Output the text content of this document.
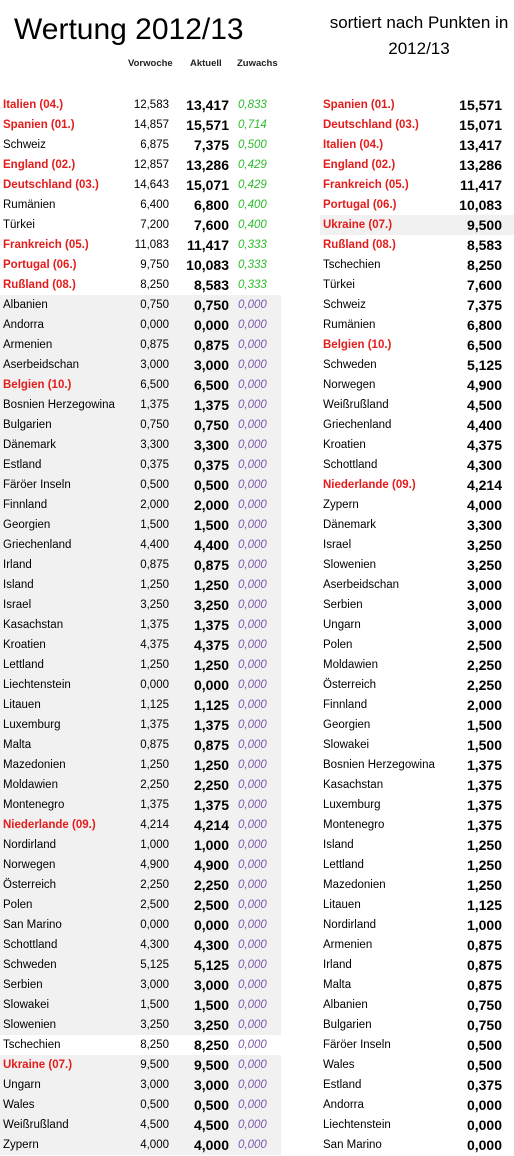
Wertung 2012/13	sortiert nach Punkten in
2012/13
Vorwoche Aktuell Zuwachs
Italien (04.)	12,583 13,417 0,833
Spanien (01.)	14,857 15,571 0,714
Schweiz	6,875 7,375 0,500
England (02.)	12,857 13,286 0,429
Deutschland (03.)	14,643 15,071 0,429
Rumänien	6,400 6,800 0,400
Türkei	7,200 7,600 0,400
Frankreich (05.)	11,083 11,417 0,333
Portugal (06.)	9,750 10,083 0,333
Rußland (08.)	8,250 8,583 0,333
Albanien	0,750 0,750 0,000
Andorra	0,000 0,000 0,000
Armenien	0,875 0,875 0,000
Aserbeidschan	3,000 3,000 0,000
Belgien (10.)	6,500 6,500 0,000
Bosnien Herzegowina 1,375 1,375 0,000
Bulgarien	0,750 0,750 0,000
Dänemark	3,300 3,300 0,000
Estland	0,375 0,375 0,000
Färöer Inseln	0,500 0,500 0,000
Finnland	2,000 2,000 0,000
Georgien	1,500 1,500 0,000
Griechenland	4,400 4,400 0,000
Irland	0,875 0,875 0,000
Island	1,250 1,250 0,000
Israel	3,250 3,250 0,000
Kasachstan	1,375 1,375 0,000
Kroatien	4,375 4,375 0,000
Lettland	1,250 1,250 0,000
Liechtenstein	0,000 0,000 0,000
Litauen	1,125 1,125 0,000
Luxemburg	1,375 1,375 0,000
Malta	0,875 0,875 0,000
Mazedonien	1,250 1,250 0,000
Moldawien	2,250 2,250 0,000
Montenegro	1,375 1,375 0,000
Niederlande (09.)	4,214 4,214 0,000
Nordirland	1,000 1,000 0,000
Norwegen	4,900 4,900 0,000
Österreich	2,250 2,250 0,000
Polen	2,500 2,500 0,000
San Marino	0,000 0,000 0,000
Schottland	4,300 4,300 0,000
Schweden	5,125 5,125 0,000
Serbien	3,000 3,000 0,000
Slowakei	1,500 1,500 0,000
Slowenien	3,250 3,250 0,000
Tschechien	8,250 8,250 0,000
Ukraine (07.)	9,500 9,500 0,000
Ungarn	3,000 3,000 0,000
Wales	0,500 0,500 0,000
Weißrußland	4,500 4,500 0,000
Zypern	4,000 4,000 0,000
Spanien (01.)	15,571
Deutschland (03.)	15,071
Italien (04.)	13,417
England (02.)	13,286
Frankreich (05.)	11,417
Portugal (06.)	10,083
Ukraine (07.)	9,500
Rußland (08.)	8,583
Tschechien	8,250
Türkei	7,600
Schweiz	7,375
Rumänien	6,800
Belgien (10.)	6,500
Schweden	5,125
Norwegen	4,900
Weißrußland	4,500
Griechenland	4,400
Kroatien	4,375
Schottland	4,300
Niederlande (09.)	4,214
Zypern	4,000
Dänemark	3,300
Israel	3,250
Slowenien	3,250
Aserbeidschan	3,000
Serbien	3,000
Ungarn	3,000
Polen	2,500
Moldawien	2,250
Österreich	2,250
Finnland	2,000
Georgien	1,500
Slowakei	1,500
Bosnien Herzegowina 1,375
Kasachstan	1,375
Luxemburg	1,375
Montenegro	1,375
Island	1,250
Lettland	1,250
Mazedonien	1,250
Litauen	1,125
Nordirland	1,000
Armenien	0,875
Irland	0,875
Malta	0,875
Albanien	0,750
Bulgarien	0,750
Färöer Inseln	0,500
Wales	0,500
Estland	0,375
Andorra	0,000
Liechtenstein	0,000
San Marino	0,000
